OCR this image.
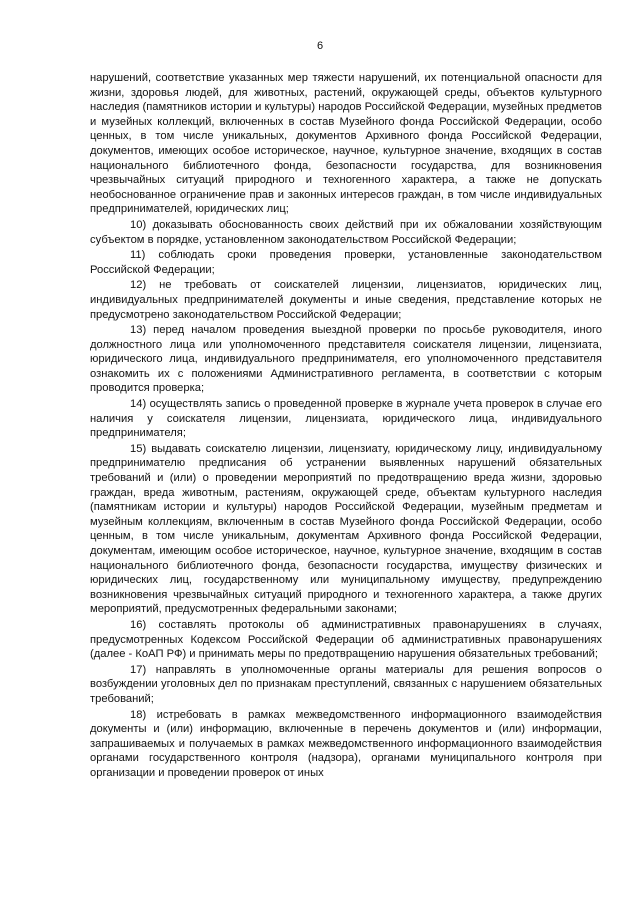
6

нарушений, соответствие указанных мер тяжести нарушений, их потенциальной опасности для жизни, здоровья людей, для животных, растений, окружающей среды, объектов культурного наследия (памятников истории и культуры) народов Российской Федерации, музейных предметов и музейных коллекций, включенных в состав Музейного фонда Российской Федерации, особо ценных, в том числе уникальных, документов Архивного фонда Российской Федерации, документов, имеющих особое историческое, научное, культурное значение, входящих в состав национального библиотечного фонда, безопасности государства, для возникновения чрезвычайных ситуаций природного и техногенного характера, а также не допускать необоснованное ограничение прав и законных интересов граждан, в том числе индивидуальных предпринимателей, юридических лиц;

10) доказывать обоснованность своих действий при их обжаловании хозяйствующим субъектом в порядке, установленном законодательством Российской Федерации;

11) соблюдать сроки проведения проверки, установленные законодательством Российской Федерации;

12) не требовать от соискателей лицензии, лицензиатов, юридических лиц, индивидуальных предпринимателей документы и иные сведения, представление которых не предусмотрено законодательством Российской Федерации;

13) перед началом проведения выездной проверки по просьбе руководителя, иного должностного лица или уполномоченного представителя соискателя лицензии, лицензиата, юридического лица, индивидуального предпринимателя, его уполномоченного представителя ознакомить их с положениями Административного регламента, в соответствии с которым проводится проверка;

14) осуществлять запись о проведенной проверке в журнале учета проверок в случае его наличия у соискателя лицензии, лицензиата, юридического лица, индивидуального предпринимателя;

15) выдавать соискателю лицензии, лицензиату, юридическому лицу, индивидуальному предпринимателю предписания об устранении выявленных нарушений обязательных требований и (или) о проведении мероприятий по предотвращению вреда жизни, здоровью граждан, вреда животным, растениям, окружающей среде, объектам культурного наследия (памятникам истории и культуры) народов Российской Федерации, музейным предметам и музейным коллекциям, включенным в состав Музейного фонда Российской Федерации, особо ценным, в том числе уникальным, документам Архивного фонда Российской Федерации, документам, имеющим особое историческое, научное, культурное значение, входящим в состав национального библиотечного фонда, безопасности государства, имуществу физических и юридических лиц, государственному или муниципальному имуществу, предупреждению возникновения чрезвычайных ситуаций природного и техногенного характера, а также других мероприятий, предусмотренных федеральными законами;

16) составлять протоколы об административных правонарушениях в случаях, предусмотренных Кодексом Российской Федерации об административных правонарушениях (далее - КоАП РФ) и принимать меры по предотвращению нарушения обязательных требований;

17) направлять в уполномоченные органы материалы для решения вопросов о возбуждении уголовных дел по признакам преступлений, связанных с нарушением обязательных требований;

18) истребовать в рамках межведомственного информационного взаимодействия документы и (или) информацию, включенные в перечень документов и (или) информации, запрашиваемых и получаемых в рамках межведомственного информационного взаимодействия органами государственного контроля (надзора), органами муниципального контроля при организации и проведении проверок от иных
